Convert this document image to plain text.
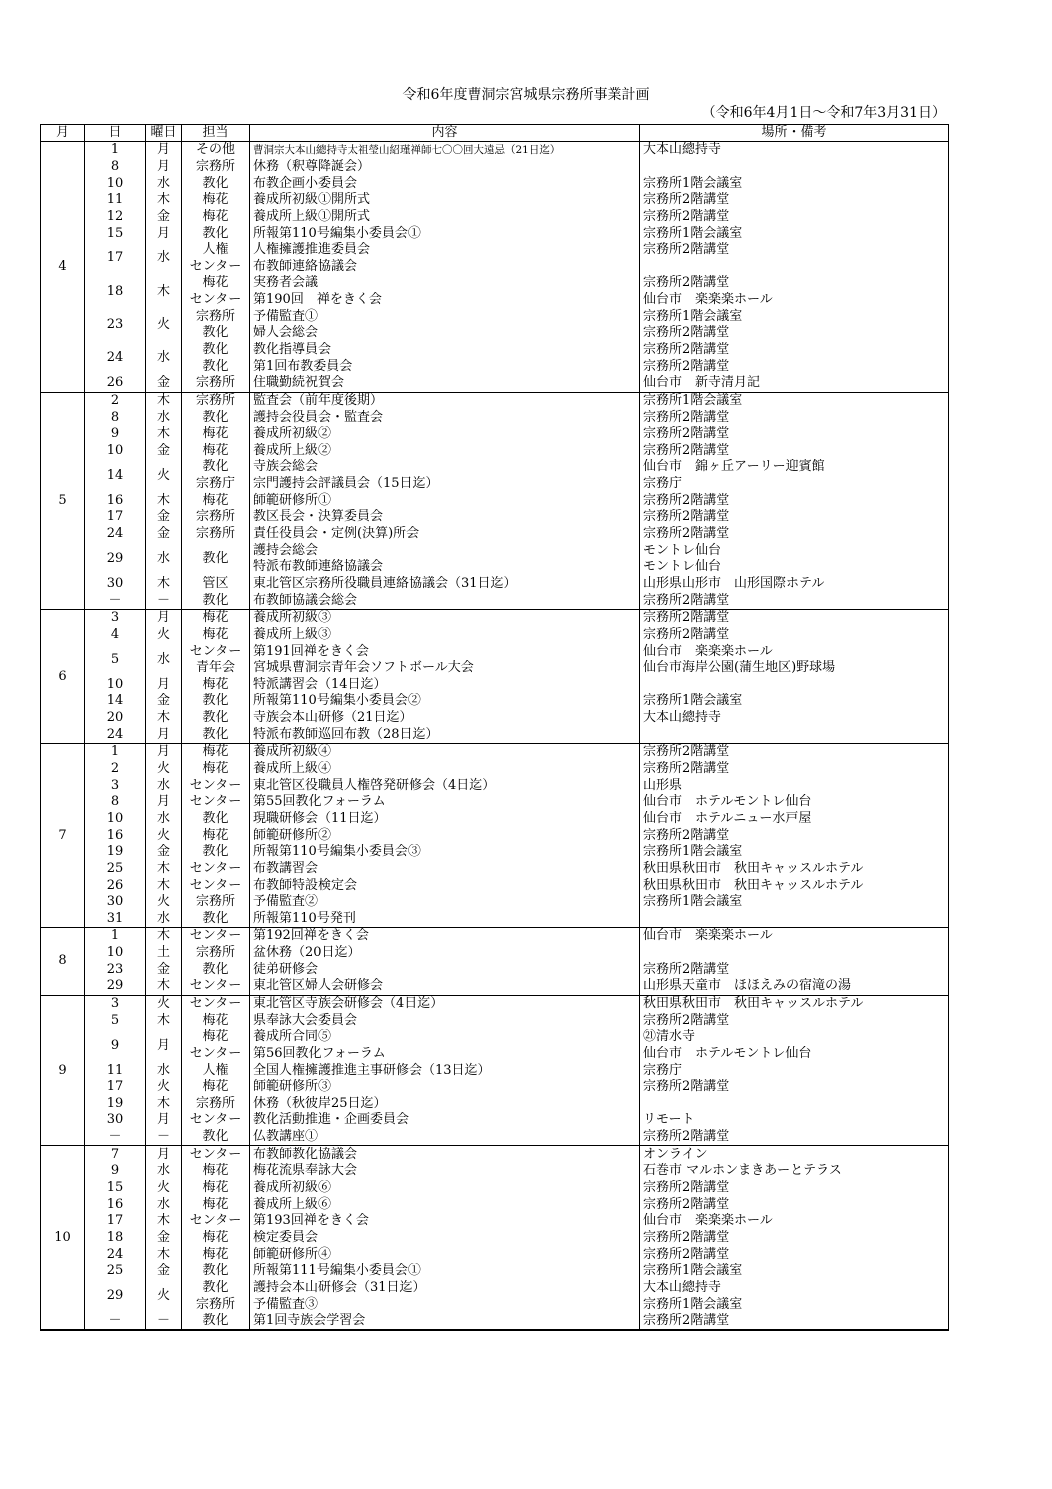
令和6年度曹洞宗宮城県宗務所事業計画
（令和6年4月1日～令和7年3月31日）
月	日	曜日	担当	内容	場所・備考
4	1	月	その他	曹洞宗大本山總持寺太祖瑩山紹瑾禅師七〇〇回大遠忌（21日迄）	大本山總持寺
	8	月	宗務所	休務（釈尊降誕会）	
	10	水	教化	布教企画小委員会	宗務所1階会議室
	11	木	梅花	養成所初級①開所式	宗務所2階講堂
	12	金	梅花	養成所上級①開所式	宗務所2階講堂
	15	月	教化	所報第110号編集小委員会①	宗務所1階会議室
	17	水	人権	人権擁護推進委員会	宗務所2階講堂
			センター	布教師連絡協議会	
	18	木	梅花	実務者会議	宗務所2階講堂
			センター	第190回　禅をきく会	仙台市　楽楽楽ホール
	23	火	宗務所	予備監査①	宗務所1階会議室
			教化	婦人会総会	宗務所2階講堂
	24	水	教化	教化指導員会	宗務所2階講堂
			教化	第1回布教委員会	宗務所2階講堂
	26	金	宗務所	住職勤続祝賀会	仙台市　新寺清月記
5	2	木	宗務所	監査会（前年度後期）	宗務所1階会議室
	8	水	教化	護持会役員会・監査会	宗務所2階講堂
	9	木	梅花	養成所初級②	宗務所2階講堂
	10	金	梅花	養成所上級②	宗務所2階講堂
	14	火	教化	寺族会総会	仙台市　錦ヶ丘アーリー迎賓館
			宗務庁	宗門護持会評議員会（15日迄）	宗務庁
	16	木	梅花	師範研修所①	宗務所2階講堂
	17	金	宗務所	教区長会・決算委員会	宗務所2階講堂
	24	金	宗務所	責任役員会・定例(決算)所会	宗務所2階講堂
	29	水	教化	護持会総会	モントレ仙台
				特派布教師連絡協議会	モントレ仙台
	30	木	管区	東北管区宗務所役職員連絡協議会（31日迄）	山形県山形市　山形国際ホテル
	－	－	教化	布教師協議会総会	宗務所2階講堂
6	3	月	梅花	養成所初級③	宗務所2階講堂
	4	火	梅花	養成所上級③	宗務所2階講堂
	5	水	センター	第191回禅をきく会	仙台市　楽楽楽ホール
			青年会	宮城県曹洞宗青年会ソフトボール大会	仙台市海岸公園(蒲生地区)野球場
	10	月	梅花	特派講習会（14日迄）	
	14	金	教化	所報第110号編集小委員会②	宗務所1階会議室
	20	木	教化	寺族会本山研修（21日迄）	大本山總持寺
	24	月	教化	特派布教師巡回布教（28日迄）	
7	1	月	梅花	養成所初級④	宗務所2階講堂
	2	火	梅花	養成所上級④	宗務所2階講堂
	3	水	センター	東北管区役職員人権啓発研修会（4日迄）	山形県
	8	月	センター	第55回教化フォーラム	仙台市　ホテルモントレ仙台
	10	水	教化	現職研修会（11日迄）	仙台市　ホテルニュー水戸屋
	16	火	梅花	師範研修所②	宗務所2階講堂
	19	金	教化	所報第110号編集小委員会③	宗務所1階会議室
	25	木	センター	布教講習会	秋田県秋田市　秋田キャッスルホテル
	26	木	センター	布教師特設検定会	秋田県秋田市　秋田キャッスルホテル
	30	火	宗務所	予備監査②	宗務所1階会議室
	31	水	教化	所報第110号発刊	
8	1	木	センター	第192回禅をきく会	仙台市　楽楽楽ホール
	10	土	宗務所	盆休務（20日迄）	
	23	金	教化	徒弟研修会	宗務所2階講堂
	29	木	センター	東北管区婦人会研修会	山形県天童市　ほほえみの宿滝の湯
9	3	火	センター	東北管区寺族会研修会（4日迄）	秋田県秋田市　秋田キャッスルホテル
	5	木	梅花	県奉詠大会委員会	宗務所2階講堂
	9	月	梅花	養成所合同⑤	㉑清水寺
			センター	第56回教化フォーラム	仙台市　ホテルモントレ仙台
	11	水	人権	全国人権擁護推進主事研修会（13日迄）	宗務庁
	17	火	梅花	師範研修所③	宗務所2階講堂
	19	木	宗務所	休務（秋彼岸25日迄）	
	30	月	センター	教化活動推進・企画委員会	リモート
	－	－	教化	仏教講座①	宗務所2階講堂
10	7	月	センター	布教師教化協議会	オンライン
	9	水	梅花	梅花流県奉詠大会	石巻市 マルホンまきあーとテラス
	15	火	梅花	養成所初級⑥	宗務所2階講堂
	16	水	梅花	養成所上級⑥	宗務所2階講堂
	17	木	センター	第193回禅をきく会	仙台市　楽楽楽ホール
	18	金	梅花	検定委員会	宗務所2階講堂
	24	木	梅花	師範研修所④	宗務所2階講堂
	25	金	教化	所報第111号編集小委員会①	宗務所1階会議室
	29	火	教化	護持会本山研修会（31日迄）	大本山總持寺
			宗務所	予備監査③	宗務所1階会議室
	－	－	教化	第1回寺族会学習会	宗務所2階講堂
